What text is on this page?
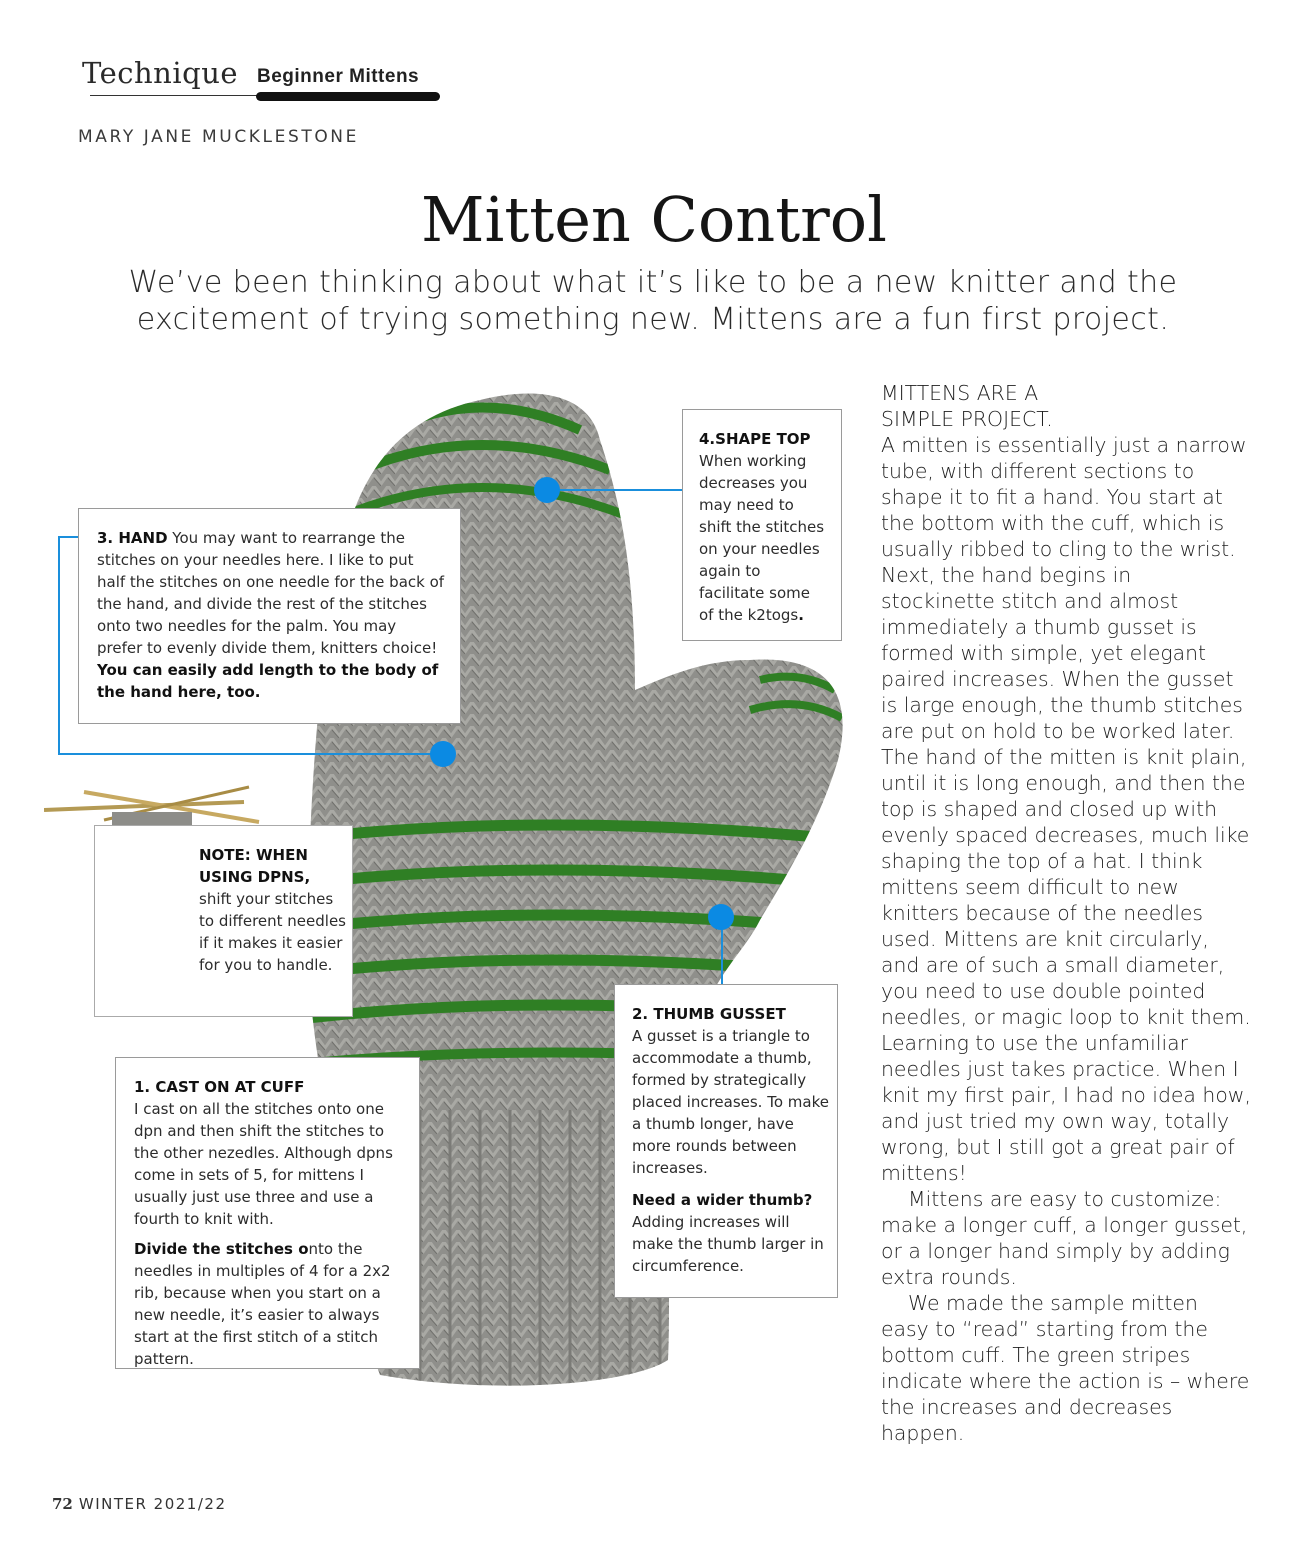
Technique Beginner Mittens
MARY JANE MUCKLESTONE
Mitten Control
We’ve been thinking about what it’s like to be a new knitter and the excitement of trying something new. Mittens are a fun first project.

3. HAND You may want to rearrange the stitches on your needles here. I like to put half the stitches on one needle for the back of the hand, and divide the rest of the stitches onto two needles for the palm. You may prefer to evenly divide them, knitters choice! You can easily add length to the body of the hand here, too.

4.SHAPE TOP

When working decreases you may need to shift the stitches on your needles again to facilitate some of the k2togs.

NOTE: WHEN USING DPNS,

shift your stitches to different needles if it makes it easier for you to handle.

1. CAST ON AT CUFF

I cast on all the stitches onto one dpn and then shift the stitches to the other nezedles. Although dpns come in sets of 5, for mittens I usually just use three and use a fourth to knit with.

Divide the stitches onto the needles in multiples of 4 for a 2x2 rib, because when you start on a new needle, it’s easier to always start at the first stitch of a stitch pattern.

2. THUMB GUSSET

A gusset is a triangle to accommodate a thumb, formed by strategically placed increases. To make a thumb longer, have more rounds between increases.

Need a wider thumb?

Adding increases will make the thumb larger in circumference.

MITTENS ARE A SIMPLE PROJECT.

A mitten is essentially just a narrow tube, with different sections to shape it to fit a hand. You start at the bottom with the cuff, which is usually ribbed to cling to the wrist. Next, the hand begins in stockinette stitch and almost immediately a thumb gusset is formed with simple, yet elegant paired increases. When the gusset is large enough, the thumb stitches are put on hold to be worked later. The hand of the mitten is knit plain, until it is long enough, and then the top is shaped and closed up with evenly spaced decreases, much like shaping the top of a hat. I think mittens seem difficult to new knitters because of the needles used. Mittens are knit circularly, and are of such a small diameter, you need to use double pointed needles, or magic loop to knit them. Learning to use the unfamiliar needles just takes practice. When I knit my first pair, I had no idea how, and just tried my own way, totally wrong, but I still got a great pair of mittens!

Mittens are easy to customize: make a longer cuff, a longer gusset, or a longer hand simply by adding extra rounds.

We made the sample mitten easy to “read” starting from the bottom cuff. The green stripes indicate where the action is – where the increases and decreases happen.

72 WINTER 2021/22
